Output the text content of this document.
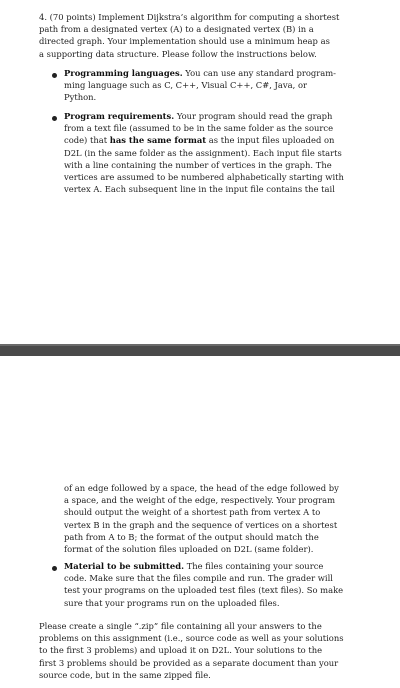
4. (70 points) Implement Dijkstra’s algorithm for computing a shortest
path from a designated vertex (A) to a designated vertex (B) in a
directed graph. Your implementation should use a minimum heap as
a supporting data structure. Please follow the instructions below.
Programming languages. You can use any standard program-
ming language such as C, C++, Visual C++, C#, Java, or
Python.
Program requirements. Your program should read the graph
from a text file (assumed to be in the same folder as the source
code) that has the same format as the input files uploaded on
D2L (in the same folder as the assignment). Each input file starts
with a line containing the number of vertices in the graph. The
vertices are assumed to be numbered alphabetically starting with
vertex A. Each subsequent line in the input file contains the tail
of an edge followed by a space, the head of the edge followed by
a space, and the weight of the edge, respectively. Your program
should output the weight of a shortest path from vertex A to
vertex B in the graph and the sequence of vertices on a shortest
path from A to B; the format of the output should match the
format of the solution files uploaded on D2L (same folder).
Material to be submitted. The files containing your source
code. Make sure that the files compile and run. The grader will
test your programs on the uploaded test files (text files). So make
sure that your programs run on the uploaded files.
Please create a single “.zip” file containing all your answers to the
problems on this assignment (i.e., source code as well as your solutions
to the first 3 problems) and upload it on D2L. Your solutions to the
first 3 problems should be provided as a separate document than your
source code, but in the same zipped file.
